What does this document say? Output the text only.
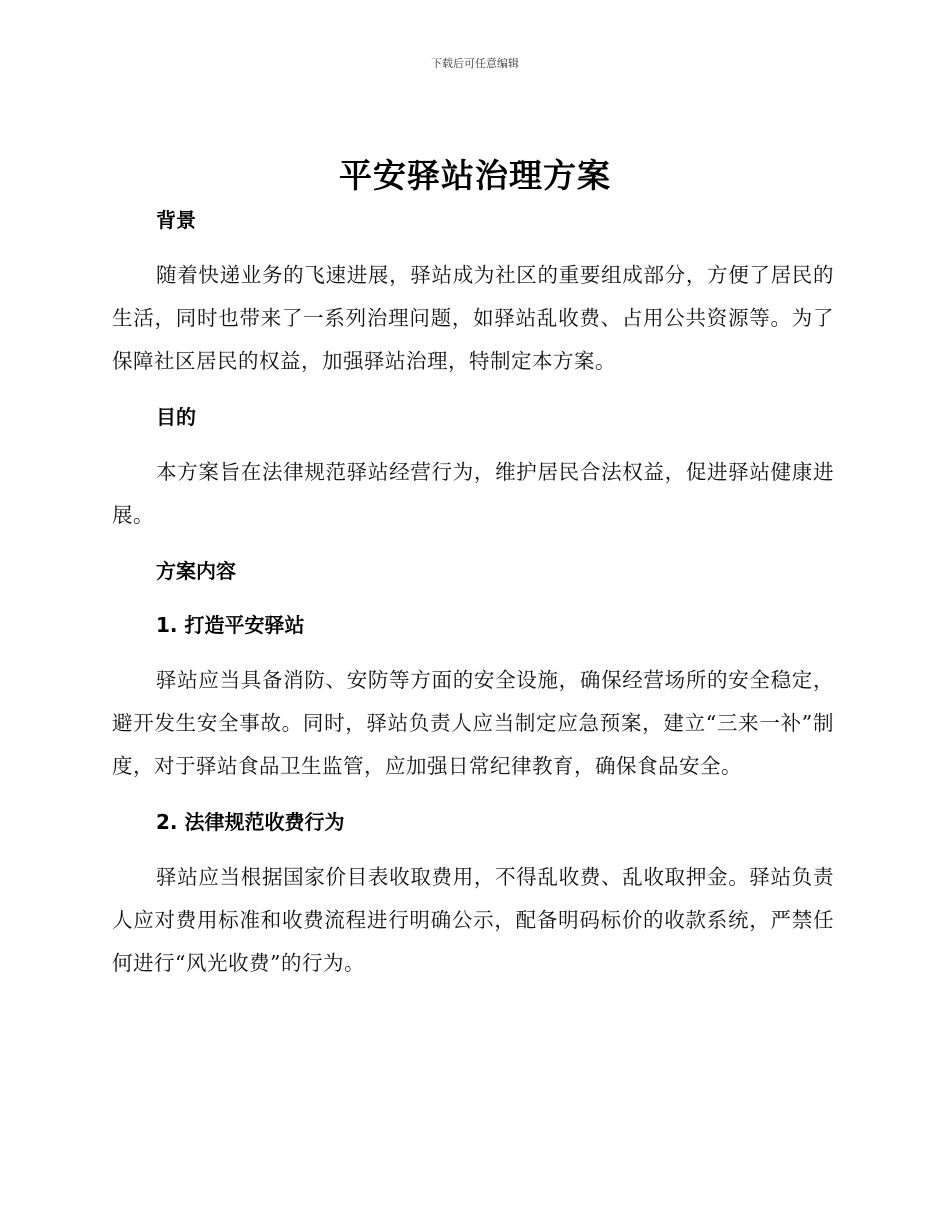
下载后可任意编辑
平安驿站治理方案
背景

随着快递业务的飞速进展，驿站成为社区的重要组成部分，方便了居民的生活，同时也带来了一系列治理问题，如驿站乱收费、占用公共资源等。为了保障社区居民的权益，加强驿站治理，特制定本方案。

目的

本方案旨在法律规范驿站经营行为，维护居民合法权益，促进驿站健康进展。

方案内容
1. 打造平安驿站

驿站应当具备消防、安防等方面的安全设施，确保经营场所的安全稳定，避开发生安全事故。同时，驿站负责人应当制定应急预案，建立“三来一补”制度，对于驿站食品卫生监管，应加强日常纪律教育，确保食品安全。

2. 法律规范收费行为

驿站应当根据国家价目表收取费用，不得乱收费、乱收取押金。驿站负责人应对费用标准和收费流程进行明确公示，配备明码标价的收款系统，严禁任何进行“风光收费”的行为。
